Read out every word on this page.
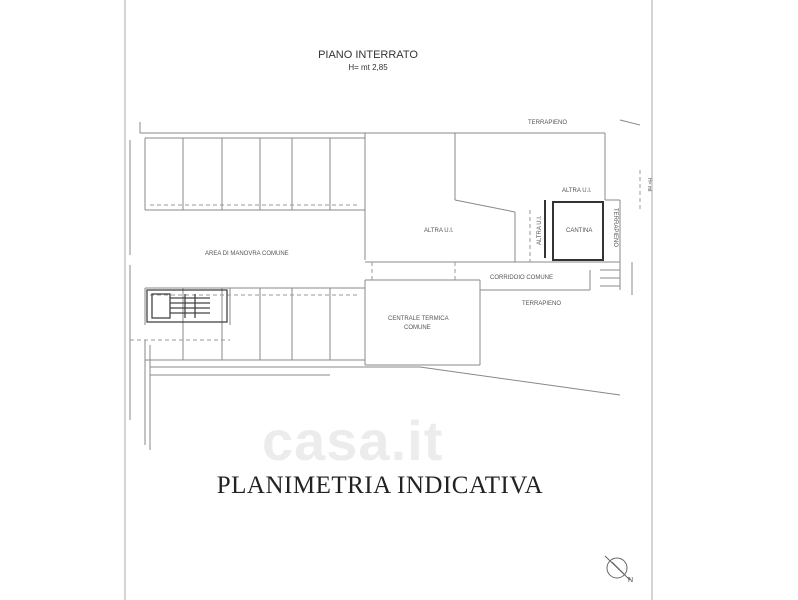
TERRAPIENO
TERRAPIENO
ALTRA U.I.
ALTRA U.I.
CANTINA
CORRIDOIO COMUNE
AREA DI MANOVRA COMUNE
CENTRALE TERMICA
COMUNE
ALTRA U.I.	TERRAPIENO
H= mt
N
PIANO INTERRATO
H= mt 2,85
casa.it
PLANIMETRIA INDICATIVA
